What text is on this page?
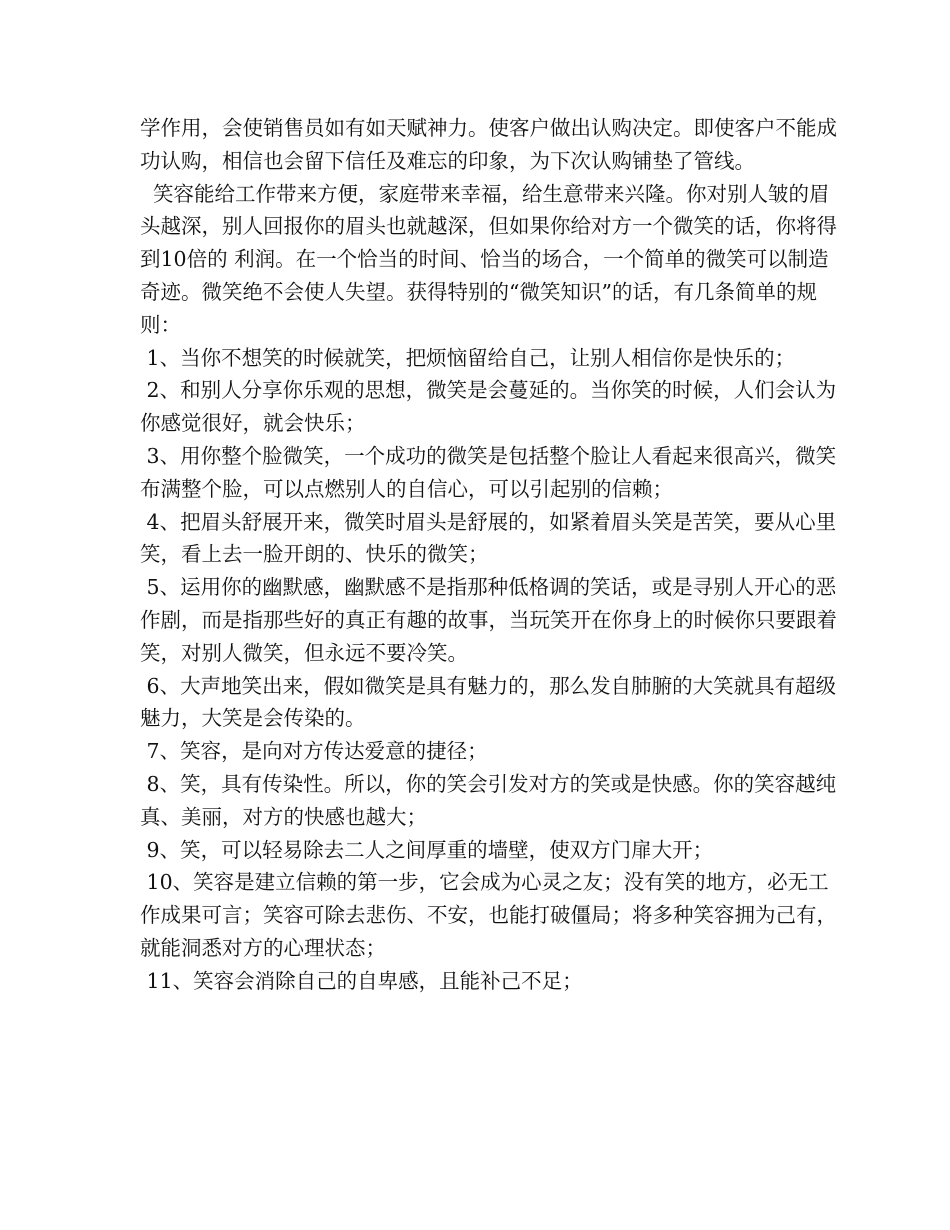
学作用，会使销售员如有如天赋神力。使客户做出认购决定。即使客户不能成功认购，相信也会留下信任及难忘的印象，为下次认购铺垫了管线。

笑容能给工作带来方便，家庭带来幸福，给生意带来兴隆。你对别人皱的眉头越深，别人回报你的眉头也就越深，但如果你给对方一个微笑的话，你将得到10倍的 利润。在一个恰当的时间、恰当的场合，一个简单的微笑可以制造奇迹。微笑绝不会使人失望。获得特别的“微笑知识”的话，有几条简单的规则：

1、当你不想笑的时候就笑，把烦恼留给自己，让别人相信你是快乐的；

2、和别人分享你乐观的思想，微笑是会蔓延的。当你笑的时候，人们会认为你感觉很好，就会快乐；

3、用你整个脸微笑，一个成功的微笑是包括整个脸让人看起来很高兴，微笑布满整个脸，可以点燃别人的自信心，可以引起别的信赖；

4、把眉头舒展开来，微笑时眉头是舒展的，如紧着眉头笑是苦笑，要从心里笑，看上去一脸开朗的、快乐的微笑；

5、运用你的幽默感，幽默感不是指那种低格调的笑话，或是寻别人开心的恶作剧，而是指那些好的真正有趣的故事，当玩笑开在你身上的时候你只要跟着笑，对别人微笑，但永远不要冷笑。

6、大声地笑出来，假如微笑是具有魅力的，那么发自肺腑的大笑就具有超级魅力，大笑是会传染的。

7、笑容，是向对方传达爱意的捷径；

8、笑，具有传染性。所以，你的笑会引发对方的笑或是快感。你的笑容越纯真、美丽，对方的快感也越大；

9、笑，可以轻易除去二人之间厚重的墙壁，使双方门扉大开；

10、笑容是建立信赖的第一步，它会成为心灵之友；没有笑的地方，必无工作成果可言；笑容可除去悲伤、不安，也能打破僵局；将多种笑容拥为己有，就能洞悉对方的心理状态；

11、笑容会消除自己的自卑感，且能补己不足；
